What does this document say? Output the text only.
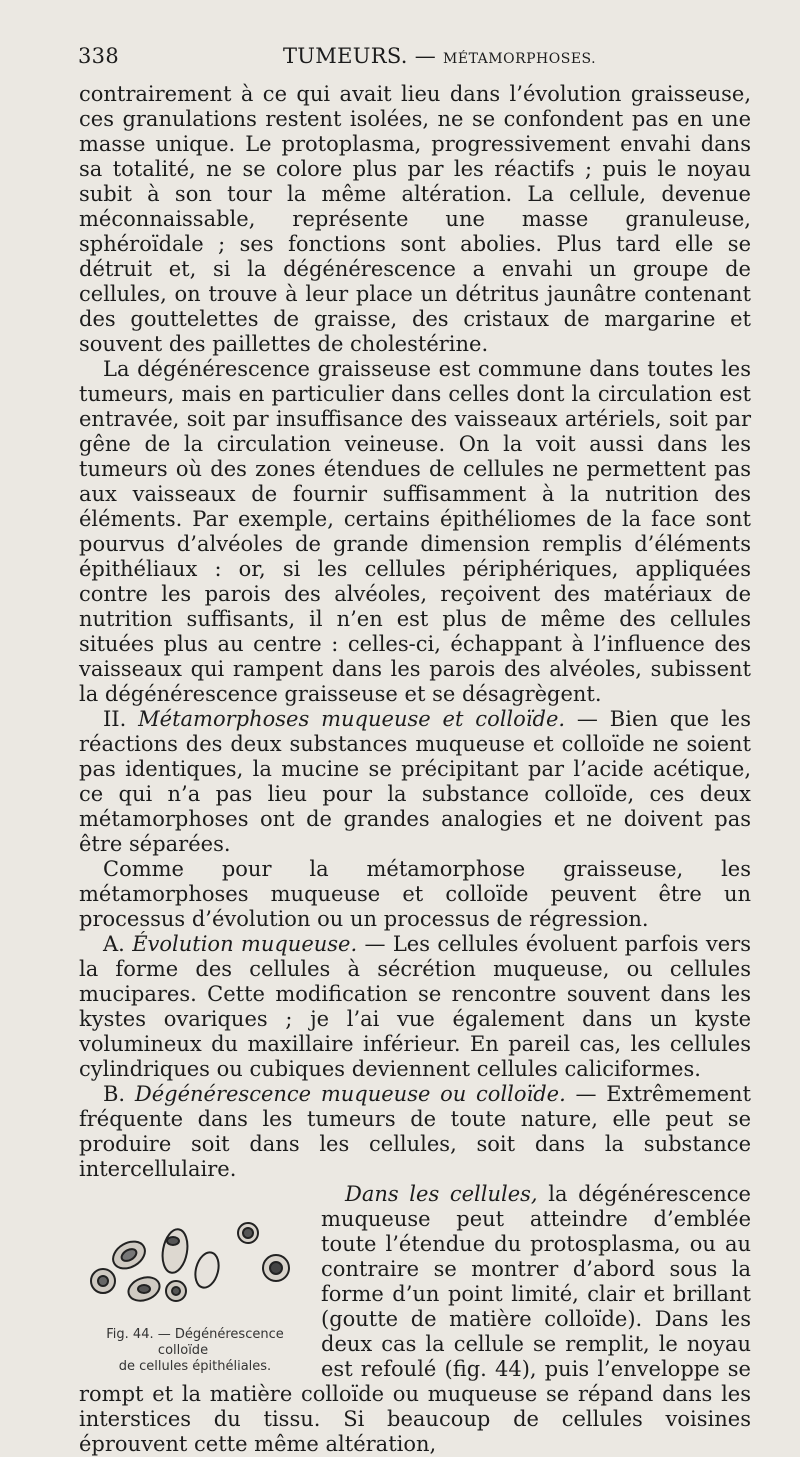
338	TUMEURS. — MÉTAMORPHOSES.

contrairement à ce qui avait lieu dans l’évolution graisseuse, ces granulations restent isolées, ne se confondent pas en une masse unique. Le protoplasma, progressivement envahi dans sa totalité, ne se colore plus par les réactifs ; puis le noyau subit à son tour la même altération. La cellule, devenue méconnaissable, représente une masse granuleuse, sphéroïdale ; ses fonctions sont abolies. Plus tard elle se détruit et, si la dégénérescence a envahi un groupe de cellules, on trouve à leur place un détritus jaunâtre contenant des gouttelettes de graisse, des cristaux de margarine et souvent des paillettes de cholestérine.

La dégénérescence graisseuse est commune dans toutes les tumeurs, mais en particulier dans celles dont la circulation est entravée, soit par insuffisance des vaisseaux artériels, soit par gêne de la circulation veineuse. On la voit aussi dans les tumeurs où des zones étendues de cellules ne permettent pas aux vaisseaux de fournir suffisamment à la nutrition des éléments. Par exemple, certains épithéliomes de la face sont pourvus d’alvéoles de grande dimension remplis d’éléments épithéliaux : or, si les cellules périphériques, appliquées contre les parois des alvéoles, reçoivent des matériaux de nutrition suffisants, il n’en est plus de même des cellules situées plus au centre : celles-ci, échappant à l’influence des vaisseaux qui rampent dans les parois des alvéoles, subissent la dégénérescence graisseuse et se désagrègent.

II. Métamorphoses muqueuse et colloïde. — Bien que les réactions des deux substances muqueuse et colloïde ne soient pas identiques, la mucine se précipitant par l’acide acétique, ce qui n’a pas lieu pour la substance colloïde, ces deux métamorphoses ont de grandes analogies et ne doivent pas être séparées.

Comme pour la métamorphose graisseuse, les métamorphoses muqueuse et colloïde peuvent être un processus d’évolution ou un processus de régression.

A. Évolution muqueuse. — Les cellules évoluent parfois vers la forme des cellules à sécrétion muqueuse, ou cellules mucipares. Cette modification se rencontre souvent dans les kystes ovariques ; je l’ai vue également dans un kyste volumineux du maxillaire inférieur. En pareil cas, les cellules cylindriques ou cubiques deviennent cellules caliciformes.

B. Dégénérescence muqueuse ou colloïde. — Extrêmement fréquente dans les tumeurs de toute nature, elle peut se produire soit dans les cellules, soit dans la substance intercellulaire.

Fig. 44. — Dégénérescence colloïde
de cellules épithéliales.
Dans les cellules, la dégénérescence muqueuse peut atteindre d’emblée toute l’étendue du protosplasma, ou au contraire se montrer d’abord sous la forme d’un point limité, clair et brillant (goutte de matière colloïde). Dans les deux cas la cellule se remplit, le noyau est refoulé (fig. 44), puis l’enveloppe se rompt et la matière colloïde ou muqueuse se répand dans les interstices du tissu. Si beaucoup de cellules voisines éprouvent cette même altération,
